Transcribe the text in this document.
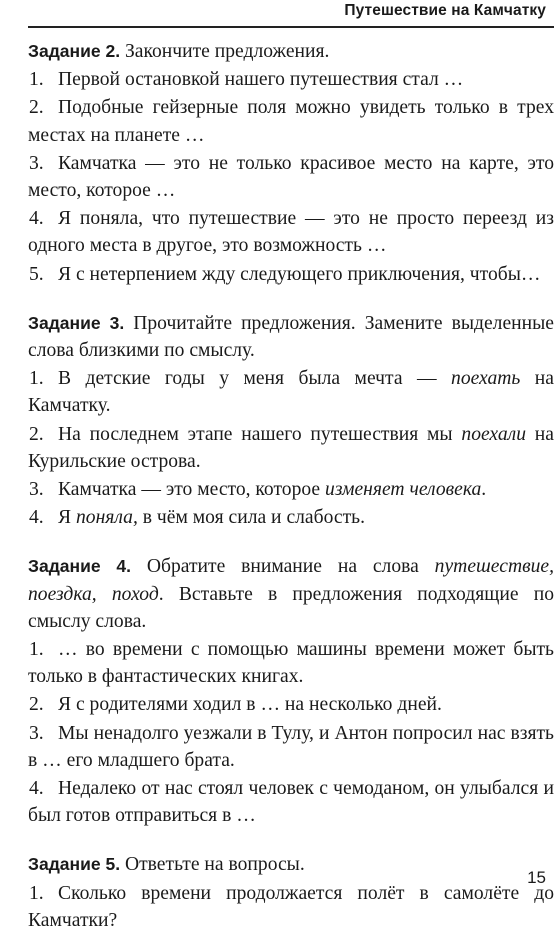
Путешествие на Камчатку

Задание 2. Закончите предложения.

1. Первой остановкой нашего путешествия стал …

2. Подобные гейзерные поля можно увидеть только в трех местах на планете …

3. Камчатка — это не только красивое место на карте, это место, которое …

4. Я поняла, что путешествие — это не просто переезд из одного места в другое, это возможность …

5. Я с нетерпением жду следующего приключения, чтобы…

Задание 3. Прочитайте предложения. Замените выделенные слова близкими по смыслу.

1. В детские годы у меня была мечта — поехать на Камчатку.

2. На последнем этапе нашего путешествия мы поехали на Курильские острова.

3. Камчатка — это место, которое изменяет человека.

4. Я поняла, в чём моя сила и слабость.

Задание 4. Обратите внимание на слова путешествие, поездка, поход. Вставьте в предложения подходящие по смыслу слова.

1. … во времени с помощью машины времени может быть только в фантастических книгах.

2. Я с родителями ходил в … на несколько дней.

3. Мы ненадолго уезжали в Тулу, и Антон попросил нас взять в … его младшего брата.

4. Недалеко от нас стоял человек с чемоданом, он улыбался и был готов отправиться в …

Задание 5. Ответьте на вопросы.

1. Сколько времени продолжается полёт в самолёте до Камчатки?

15
